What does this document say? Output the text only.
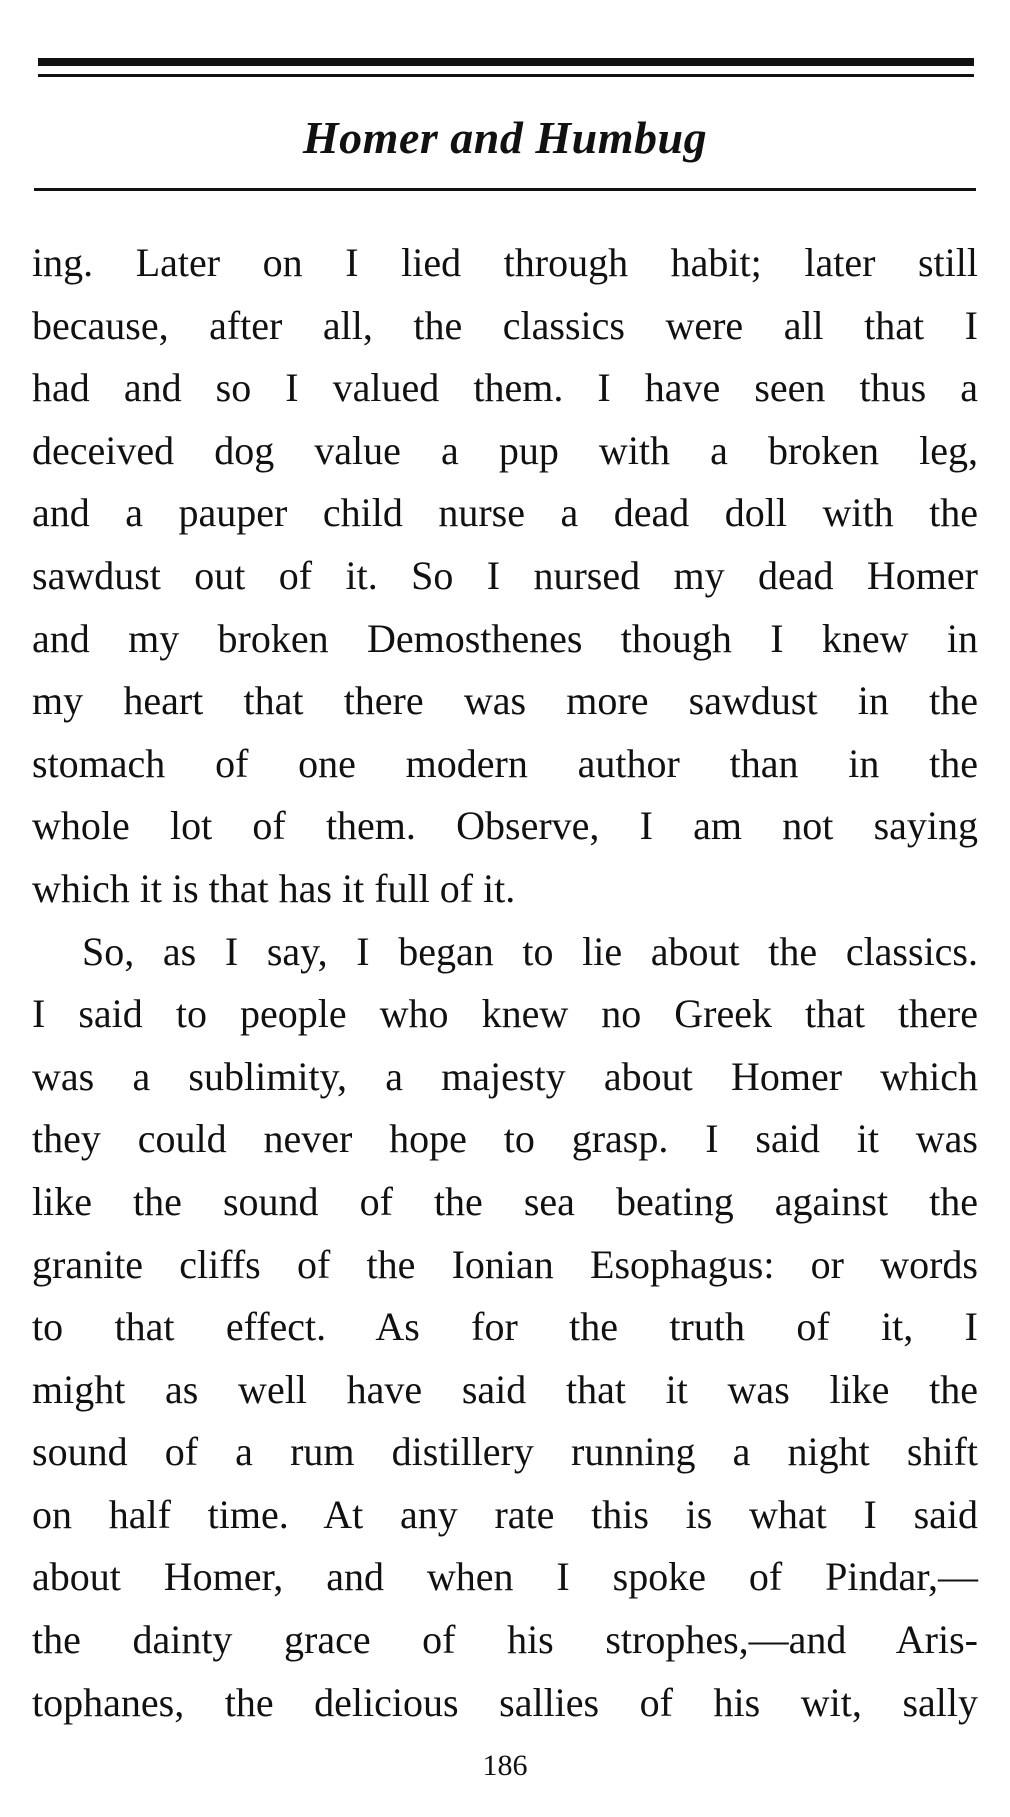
Homer and Humbug
ing. Later on I lied through habit; later still
because, after all, the classics were all that I
had and so I valued them. I have seen thus a
deceived dog value a pup with a broken leg,
and a pauper child nurse a dead doll with the
sawdust out of it. So I nursed my dead Homer
and my broken Demosthenes though I knew in
my heart that there was more sawdust in the
stomach of one modern author than in the
whole lot of them. Observe, I am not saying
which it is that has it full of it.
So, as I say, I began to lie about the classics.
I said to people who knew no Greek that there
was a sublimity, a majesty about Homer which
they could never hope to grasp. I said it was
like the sound of the sea beating against the
granite cliffs of the Ionian Esophagus: or words
to that effect. As for the truth of it, I
might as well have said that it was like the
sound of a rum distillery running a night shift
on half time. At any rate this is what I said
about Homer, and when I spoke of Pindar,—
the dainty grace of his strophes,—and Aris-
tophanes, the delicious sallies of his wit, sally
186
